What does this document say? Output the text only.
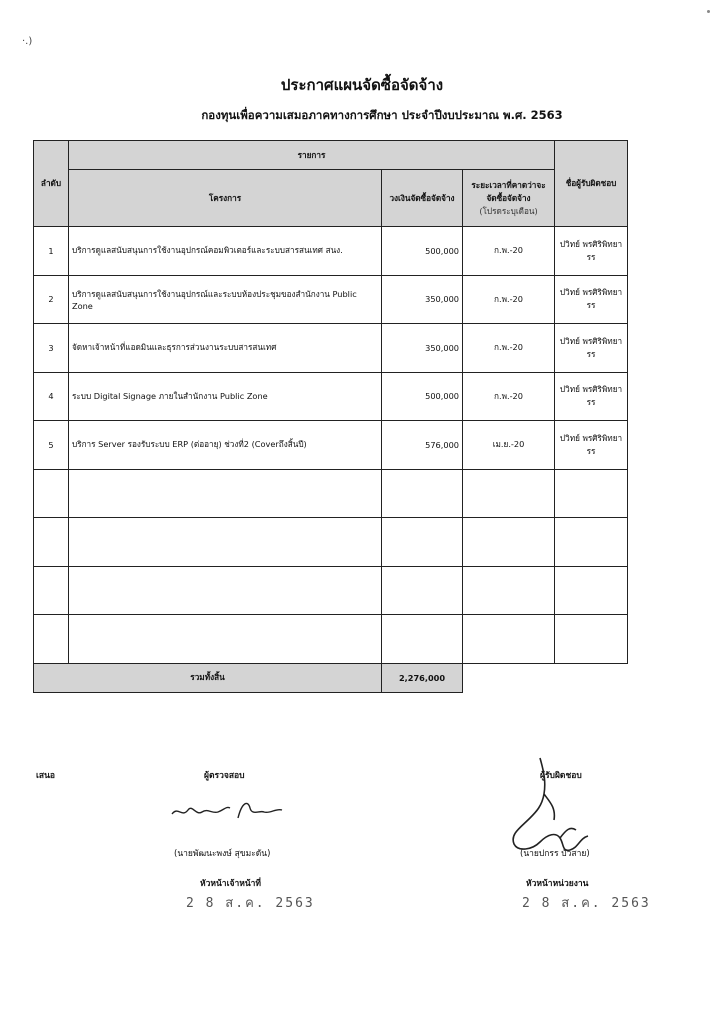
·.)
ประกาศแผนจัดซื้อจัดจ้าง
กองทุนเพื่อความเสมอภาคทางการศึกษา ประจำปีงบประมาณ พ.ศ. 2563
ลำดับ	รายการ			ชื่อผู้รับผิดชอบ
	โครงการ	วงเงินจัดซื้อจัดจ้าง	ระยะเวลาที่คาดว่าจะ
จัดซื้อจัดจ้าง
(โปรดระบุเดือน)	

1	บริการดูแลสนับสนุนการใช้งานอุปกรณ์คอมพิวเตอร์และระบบสารสนเทศ สนง.	500,000	ก.พ.-20	ปวิทย์ พรศิริพิทยารร
2	บริการดูแลสนับสนุนการใช้งานอุปกรณ์และระบบห้องประชุมของสำนักงาน Public Zone	350,000	ก.พ.-20	ปวิทย์ พรศิริพิทยารร
3	จัดหาเจ้าหน้าที่แอดมินและธุรการส่วนงานระบบสารสนเทศ	350,000	ก.พ.-20	ปวิทย์ พรศิริพิทยารร
4	ระบบ Digital Signage ภายในสำนักงาน Public Zone	500,000	ก.พ.-20	ปวิทย์ พรศิริพิทยารร
5	บริการ Server รองรับระบบ ERP (ต่ออายุ) ช่วงที่2 (Coverถึงสิ้นปี)	576,000	เม.ย.-20	ปวิทย์ พรศิริพิทยารร

รวมทั้งสิ้น		2,276,000		
เสนอ	ผู้ตรวจสอบ	ผู้รับผิดชอบ
(นายพัฒนะพงษ์ สุขมะดัน)
หัวหน้าเจ้าหน้าที่
2 8 ส.ค. 2563
(นายปกรร บัวสาย)
หัวหน้าหน่วยงาน
2 8 ส.ค. 2563
